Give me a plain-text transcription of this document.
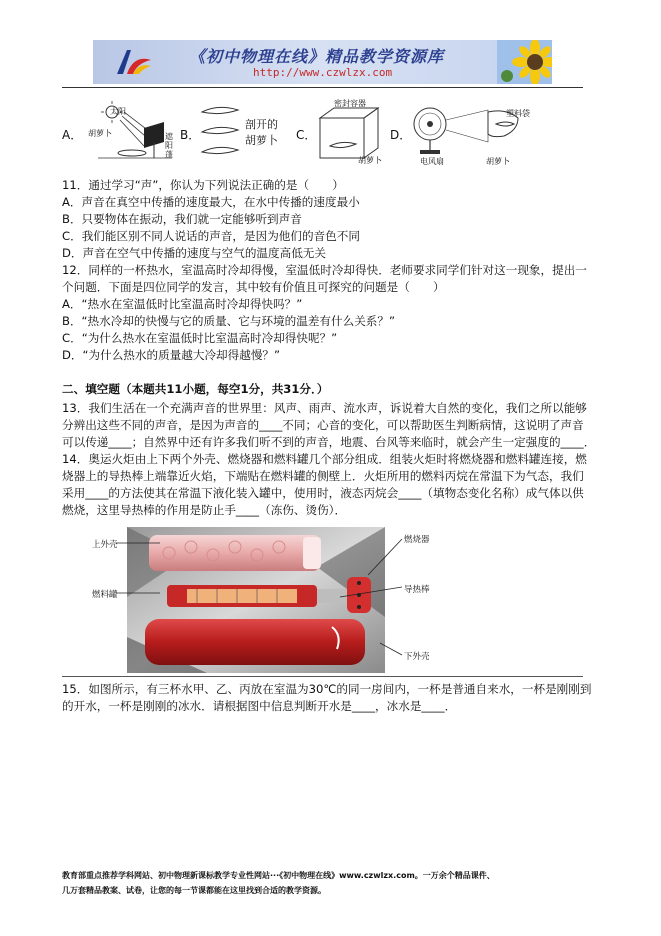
《初中物理在线》精品教学资源库
http://www.czwlzx.com
A．
太阳
胡萝卜	遮阳蓬
B．
剖开的
胡萝卜 C．
密封容器
胡萝卜
D．
塑料袋
电风扇	胡萝卜
11．通过学习“声”，你认为下列说法正确的是（　　）
A．声音在真空中传播的速度最大，在水中传播的速度最小
B．只要物体在振动，我们就一定能够听到声音
C．我们能区别不同人说话的声音，是因为他们的音色不同
D．声音在空气中传播的速度与空气的温度高低无关
12．同样的一杯热水，室温高时冷却得慢，室温低时冷却得快．老师要求同学们针对这一现象，提出一
个问题．下面是四位同学的发言，其中较有价值且可探究的问题是（　　）
A．“热水在室温低时比室温高时冷却得快吗？”
B．“热水冷却的快慢与它的质量、它与环境的温差有什么关系？”
C．“为什么热水在室温低时比室温高时冷却得快呢？”
D．“为什么热水的质量越大冷却得越慢？”
二、填空题（本题共11小题，每空1分，共31分．）
13．我们生活在一个充满声音的世界里：风声、雨声、流水声，诉说着大自然的变化，我们之所以能够
分辨出这些不同的声音，是因为声音的____不同；心音的变化，可以帮助医生判断病情，这说明了声音
可以传递____；自然界中还有许多我们听不到的声音，地震、台风等来临时，就会产生一定强度的____．
14．奥运火炬由上下两个外壳、燃烧器和燃料罐几个部分组成．组装火炬时将燃烧器和燃料罐连接，燃
烧器上的导热棒上端靠近火焰，下端贴在燃料罐的侧壁上．火炬所用的燃料丙烷在常温下为气态，我们
采用____的方法使其在常温下液化装入罐中，使用时，液态丙烷会____（填物态变化名称）成气体以供
燃烧，这里导热棒的作用是防止手____（冻伤、烫伤）．
上外壳
燃料罐
燃烧器
导热棒
下外壳
15．如图所示，有三杯水甲、乙、丙放在室温为30℃的同一房间内，一杯是普通自来水，一杯是刚刚到
的开水，一杯是刚刚的冰水．请根据图中信息判断开水是____，冰水是____．
教育部重点推荐学科网站、初中物理新课标教学专业性网站···《初中物理在线》www.czwlzx.com。一万余个精品课件、
几万套精品教案、试卷，让您的每一节课都能在这里找到合适的教学资源。
